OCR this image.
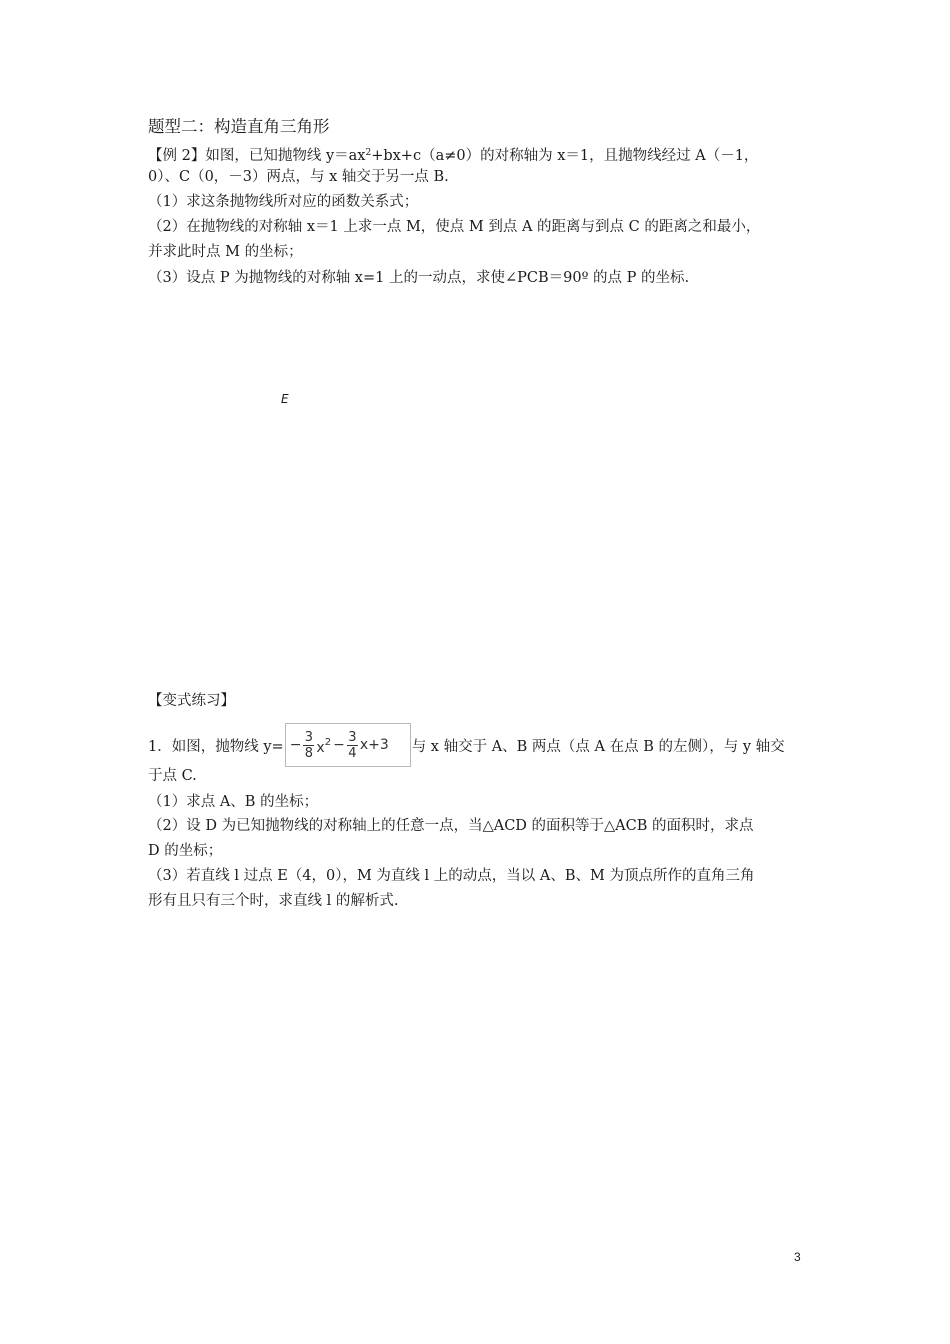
题型二：构造直角三角形
【例 2】如图，已知抛物线 $y=ax^2+bx+c(a\ne 0)$的对称轴为 x＝1，且抛物线经过 A（－1，
0）、C（0，－3）两点，与 x 轴交于另一点 B.
（1）求这条抛物线所对应的函数关系式；
（2）在抛物线的对称轴 x＝1 上求一点 M，使点 M 到点 A 的距离与到点 C 的距离之和最小，
并求此时点 M 的坐标；
（3）设点 P 为抛物线的对称轴 x=1 上的一动点，求使∠PCB＝90º 的点 P 的坐标.
E
【变式练习】
1．如图，抛物线 $y= - \frac{3}{8} x^2 - \frac{3}{4} x+3$ 与 x 轴交于 A、B 两点（点 A 在点 B 的左侧），与 y 轴交
于点 C.
（1）求点 A、B 的坐标；
（2）设 D 为已知抛物线的对称轴上的任意一点，当△ACD 的面积等于△ACB 的面积时，求点
D 的坐标；
（3）若直线 l 过点 E（4，0），M 为直线 l 上的动点，当以 A、B、M 为顶点所作的直角三角
形有且只有三个时，求直线 l 的解析式.
3
